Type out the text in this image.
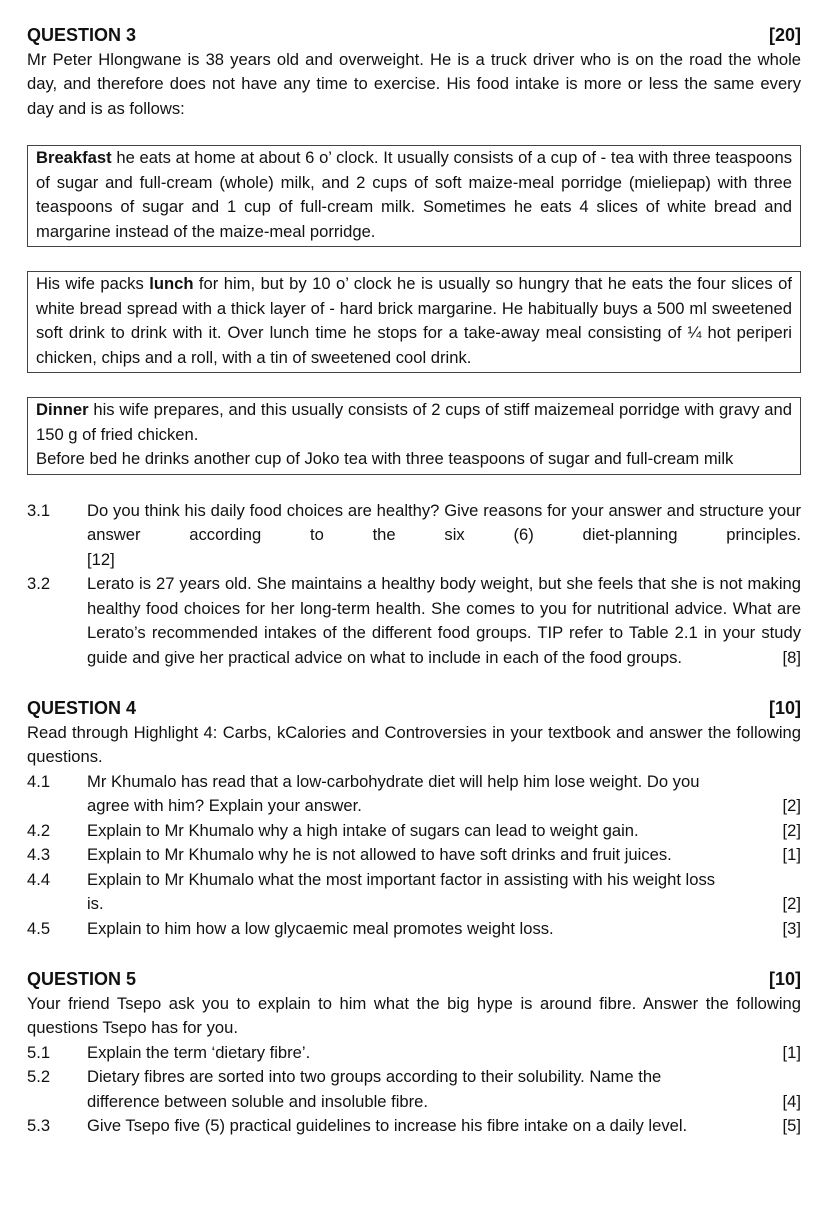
QUESTION 3	[20]

Mr Peter Hlongwane is 38 years old and overweight. He is a truck driver who is on the road the whole day, and therefore does not have any time to exercise. His food intake is more or less the same every day and is as follows:

Breakfast he eats at home at about 6 o’ clock. It usually consists of a cup of - tea with three teaspoons of sugar and full-cream (whole) milk, and 2 cups of soft maize-meal porridge (mieliepap) with three teaspoons of sugar and 1 cup of full-cream milk. Sometimes he eats 4 slices of white bread and margarine instead of the maize-meal porridge.

His wife packs lunch for him, but by 10 o’ clock he is usually so hungry that he eats the four slices of white bread spread with a thick layer of - hard brick margarine. He habitually buys a 500 ml sweetened soft drink to drink with it. Over lunch time he stops for a take-away meal consisting of ¼ hot periperi chicken, chips and a roll, with a tin of sweetened cool drink.

Dinner his wife prepares, and this usually consists of 2 cups of stiff maizemeal porridge with gravy and 150 g of fried chicken.

Before bed he drinks another cup of Joko tea with three teaspoons of sugar and full-cream milk

3.1	Do you think his daily food choices are healthy? Give reasons for your answer and structure your answer according to the six (6) diet-planning principles.

[12]

3.2	Lerato is 27 years old. She maintains a healthy body weight, but she feels that she is not making healthy food choices for her long-term health. She comes to you for nutritional advice. What are Lerato’s recommended intakes of the different food groups. TIP refer to Table 2.1 in your study guide and give her practical advice on what to include in each of the food groups.	[8]
QUESTION 4	[10]

Read through Highlight 4: Carbs, kCalories and Controversies in your textbook and answer the following questions.

4.1	Mr Khumalo has read that a low-carbohydrate diet will help him lose weight. Do you

agree with him? Explain your answer.	[2]
4.2	Explain to Mr Khumalo why a high intake of sugars can lead to weight gain.	[2]
4.3	Explain to Mr Khumalo why he is not allowed to have soft drinks and fruit juices.	[1]
4.4	Explain to Mr Khumalo what the most important factor in assisting with his weight loss

is.	[2]
4.5	Explain to him how a low glycaemic meal promotes weight loss.	[3]
QUESTION 5	[10]

Your friend Tsepo ask you to explain to him what the big hype is around fibre. Answer the following questions Tsepo has for you.

5.1	Explain the term ‘dietary fibre’.	[1]
5.2	Dietary fibres are sorted into two groups according to their solubility. Name the

difference between soluble and insoluble fibre.	[4]
5.3	Give Tsepo five (5) practical guidelines to increase his fibre intake on a daily level.	[5]
